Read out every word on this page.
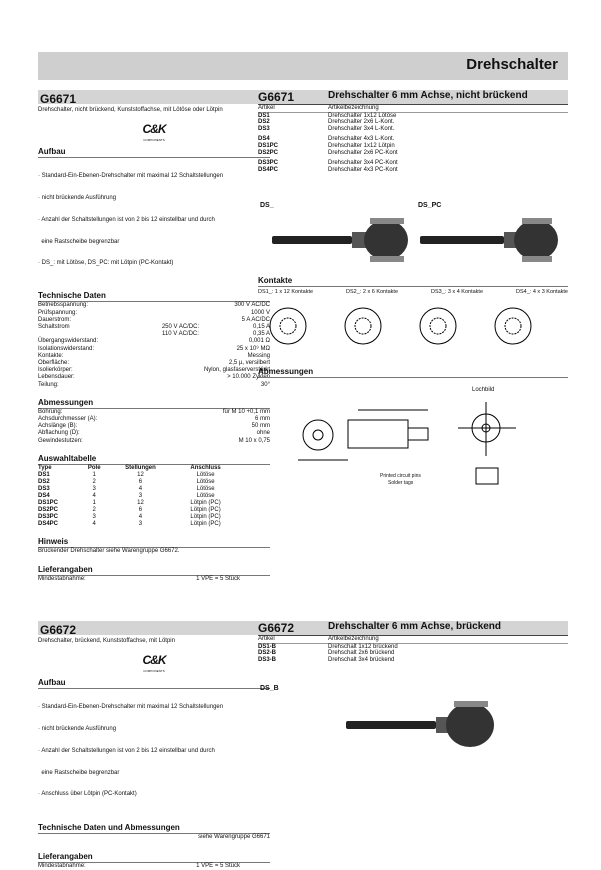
Drehschalter
G6671
Drehschalter, nicht brückend, Kunststoffachse, mit Lötöse oder Lötpin
C&K
COMPONENTS
Aufbau

· Standard-Ein-Ebenen-Drehschalter mit maximal 12 Schaltstellungen

· nicht brückende Ausführung

· Anzahl der Schaltstellungen ist von 2 bis 12 einstellbar und durch

eine Rastscheibe begrenzbar

· DS_: mit Lötöse, DS_PC: mit Lötpin (PC-Kontakt)

Technische Daten
Betriebsspannung:	300 V AC/DC
Prüfspannung:	1000 V
Dauerstrom:	5 A AC/DC
Schaltstrom	250 V AC/DC:	0,15 A
110 V AC/DC:	0,35 A
Übergangswiderstand:	0,001 Ω
Isolationswiderstand:	25 x 10⁹ MΩ
Kontakte:	Messing
Oberfläche:	2,5 µ, versilbert
Isolierkörper:	Nylon, glasfaserverstärkt
Lebensdauer:	> 10.000 Zyklen
Teilung:	30°
Abmessungen
Bohrung:	für M 10 +0,1 mm
Achsdurchmesser (A):	6 mm
Achslänge (B):	50 mm
Abflachung (D):	ohne
Gewindestutzen:	M 10 x 0,75
Auswahltabelle
Type	Pole	Stellungen	Anschluss
DS1	1	12	Lötöse
DS2	2	6	Lötöse
DS3	3	4	Lötöse
DS4	4	3	Lötöse
DS1PC	1	12	Lötpin (PC)
DS2PC	2	6	Lötpin (PC)
DS3PC	3	4	Lötpin (PC)
DS4PC	4	3	Lötpin (PC)
Hinweis
Brückender Drehschalter siehe Warengruppe G6672.
Lieferangaben
Mindestabnahme:	1 VPE = 5 Stück
G6671	Drehschalter 6 mm Achse, nicht brückend
Artikel	Artikelbezeichnung
DS1	Drehschalter 1x12 Lötöse
DS2	Drehschalter 2x6 L-Kont.
DS3	Drehschalter 3x4 L-Kont.
DS4	Drehschalter 4x3 L-Kont.
DS1PC	Drehschalter 1x12 Lötpin
DS2PC	Drehschalter 2x6 PC-Kont
DS3PC	Drehschalter 3x4 PC-Kont
DS4PC	Drehschalter 4x3 PC-Kont
DS_	DS_PC
Kontakte
DS1_: 1 x 12 Kontakte	DS2_: 2 x 6 Kontakte	DS3_: 3 x 4 Kontakte	DS4_: 4 x 3 Kontakte
Abmessungen
Lochbild
Printed circuit pins
Solder tags
G6672
Drehschalter, brückend, Kunststoffachse, mit Lötpin
C&K
COMPONENTS
Aufbau

· Standard-Ein-Ebenen-Drehschalter mit maximal 12 Schaltstellungen

· nicht brückende Ausführung

· Anzahl der Schaltstellungen ist von 2 bis 12 einstellbar und durch

eine Rastscheibe begrenzbar

· Anschluss über Lötpin (PC-Kontakt)

Technische Daten und Abmessungen
siehe Warengruppe G6671
Lieferangaben
Mindestabnahme:	1 VPE = 5 Stück
G6672	Drehschalter 6 mm Achse, brückend
Artikel	Artikelbezeichnung
DS1-B	Drehschalt 1x12 brückend
DS2-B	Drehschalt 2x6 brückend
DS3-B	Drehschalt 3x4 brückend
DS_B
